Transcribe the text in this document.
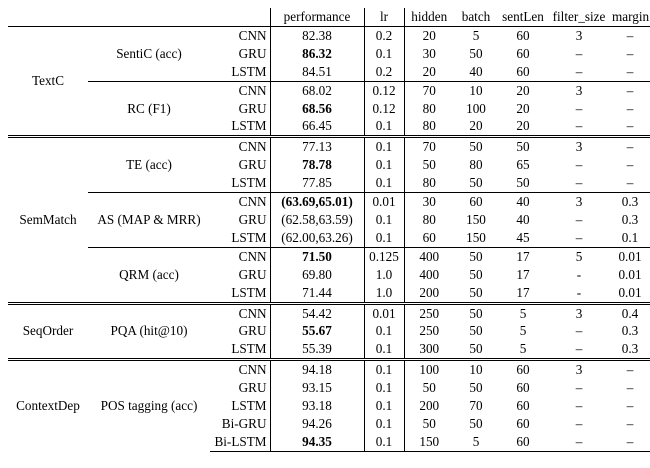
			performance	lr	hidden	batch	sentLen	filter_size	margin
TextC	SentiC (acc)	CNN	82.38	0.2	20	5	60	3	–
		GRU	86.32	0.1	30	50	60	–	–
		LSTM	84.51	0.2	20	40	60	–	–
	RC (F1)	CNN	68.02	0.12	70	10	20	3	–
		GRU	68.56	0.12	80	100	20	–	–
		LSTM	66.45	0.1	80	20	20	–	–
SemMatch	TE (acc)	CNN	77.13	0.1	70	50	50	3	–
		GRU	78.78	0.1	50	80	65	–	–
		LSTM	77.85	0.1	80	50	50	–	–
	AS (MAP & MRR)	CNN	(63.69,65.01)	0.01	30	60	40	3	0.3
		GRU	(62.58,63.59)	0.1	80	150	40	–	0.3
		LSTM	(62.00,63.26)	0.1	60	150	45	–	0.1
	QRM (acc)	CNN	71.50	0.125	400	50	17	5	0.01
		GRU	69.80	1.0	400	50	17	-	0.01
		LSTM	71.44	1.0	200	50	17	-	0.01
SeqOrder	PQA (hit@10)	CNN	54.42	0.01	250	50	5	3	0.4
		GRU	55.67	0.1	250	50	5	–	0.3
		LSTM	55.39	0.1	300	50	5	–	0.3
ContextDep	POS tagging (acc)	CNN	94.18	0.1	100	10	60	3	–
		GRU	93.15	0.1	50	50	60	–	–
		LSTM	93.18	0.1	200	70	60	–	–
		Bi-GRU	94.26	0.1	50	50	60	–	–
		Bi-LSTM	94.35	0.1	150	5	60	–	–
